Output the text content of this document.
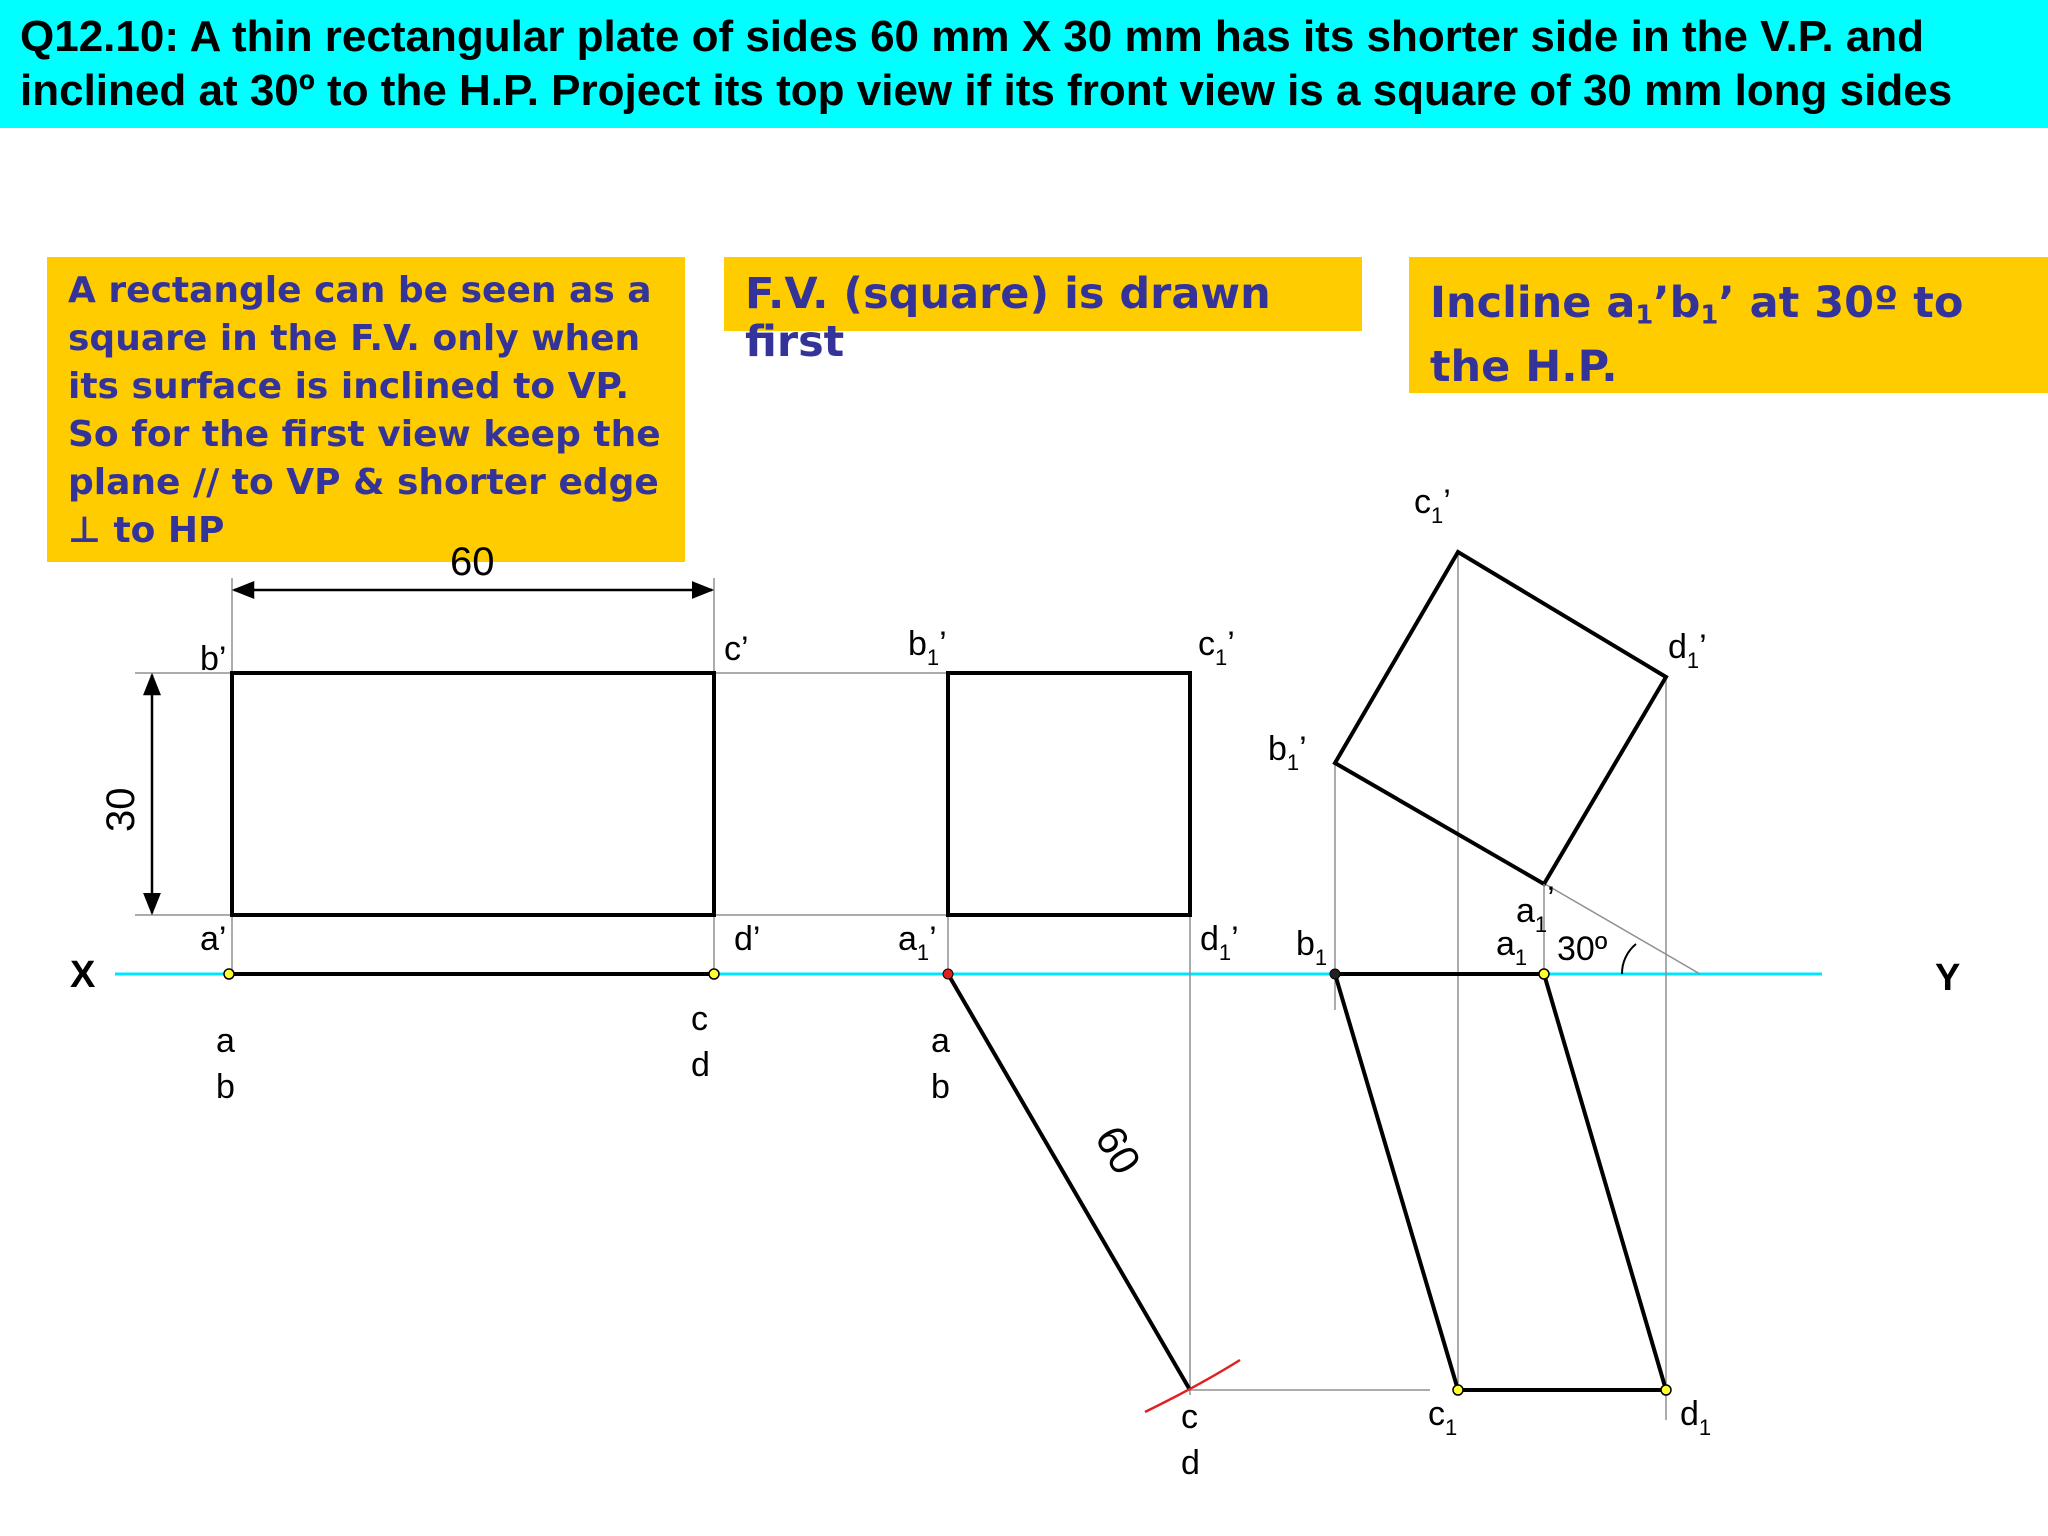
Q12.10: A thin rectangular plate of sides 60 mm X 30 mm has its shorter side in the V.P. and inclined at 30º to the H.P. Project its top view if its front view is a square of 30 mm long sides
A rectangle can be seen as a square in the F.V. only when its surface is inclined to VP. So for the first view keep the plane // to VP & shorter edge ⊥ to HP
F.V. (square) is drawn first
Incline $a_1’b_1$’ at 30º to the H.P.
X	Y
60
30
b’	c’
a’	d’
a
b
c
d
60
$b_1$’	$c_1$’
$a_1$’	$d_1$’
a
b
c
d
30º
$c_1$’
$d_1$’
$b_1$’
$a_1$’
$b_1$	$a_1$
$c_1$	$d_1$
